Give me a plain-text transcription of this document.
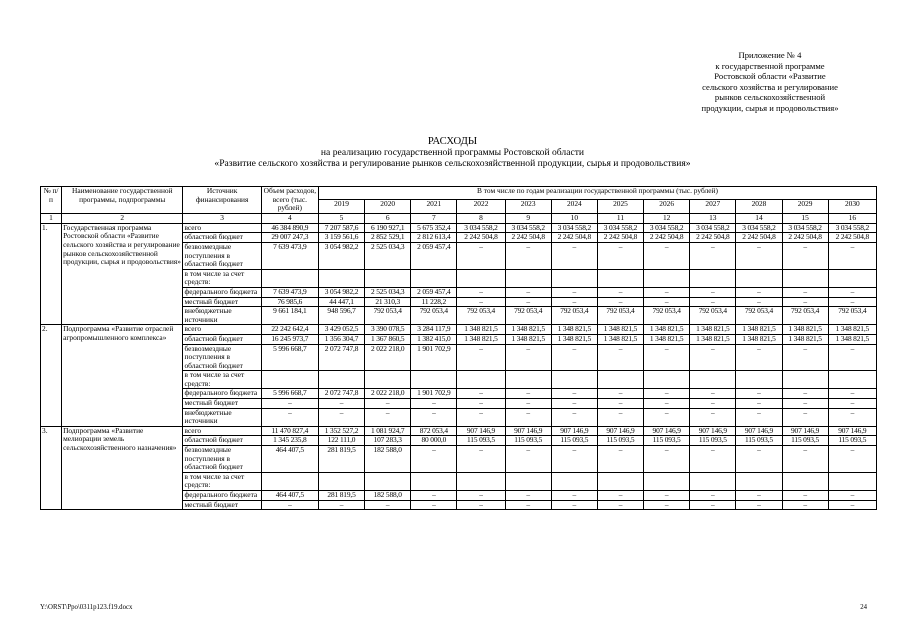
Приложение № 4
к государственной программе
Ростовской области «Развитие
сельского хозяйства и регулирование
рынков сельскохозяйственной
продукции, сырья и продовольствия»
РАСХОДЫ
на реализацию государственной программы Ростовской области
«Развитие сельского хозяйства и регулирование рынков сельскохозяйственной продукции, сырья и продовольствия»
№ п/п	Наименование государственной программы, подпрограммы	Источник финансирования	Объем расходов, всего (тыс. рублей)	В том числе по годам реализации государственной программы (тыс. рублей)											
				2019	2020	2021	2022	2023	2024	2025	2026	2027	2028	2029	2030
1	2	3	4	5	6	7	8	9	10	11	12	13	14	15	16
1.	Государственная программа Ростовской области «Развитие сельского хозяйства и регулирование рынков сельскохозяйственной продукции, сырья и продовольствия»	всего	46 384 890,9	7 207 587,6	6 190 927,1	5 675 352,4	3 034 558,2	3 034 558,2	3 034 558,2	3 034 558,2	3 034 558,2	3 034 558,2	3 034 558,2	3 034 558,2	3 034 558,2
		областной бюджет	29 007 247,3	3 159 561,6	2 852 529,1	2 812 613,4	2 242 504,8	2 242 504,8	2 242 504,8	2 242 504,8	2 242 504,8	2 242 504,8	2 242 504,8	2 242 504,8	2 242 504,8
		безвозмездные поступления в областной бюджет	7 639 473,9	3 054 982,2	2 525 034,3	2 059 457,4	–	–	–	–	–	–	–	–	–
		в том числе за счет средств:													
		федерального бюджета	7 639 473,9	3 054 982,2	2 525 034,3	2 059 457,4	–	–	–	–	–	–	–	–	–
		местный бюджет	76 985,6	44 447,1	21 310,3	11 228,2	–	–	–	–	–	–	–	–	–
		внебюджетные источники	9 661 184,1	948 596,7	792 053,4	792 053,4	792 053,4	792 053,4	792 053,4	792 053,4	792 053,4	792 053,4	792 053,4	792 053,4	792 053,4
2.	Подпрограмма «Развитие отраслей агропромышленного комплекса»	всего	22 242 642,4	3 429 052,5	3 390 078,5	3 284 117,9	1 348 821,5	1 348 821,5	1 348 821,5	1 348 821,5	1 348 821,5	1 348 821,5	1 348 821,5	1 348 821,5	1 348 821,5
		областной бюджет	16 245 973,7	1 356 304,7	1 367 860,5	1 382 415,0	1 348 821,5	1 348 821,5	1 348 821,5	1 348 821,5	1 348 821,5	1 348 821,5	1 348 821,5	1 348 821,5	1 348 821,5
		безвозмездные поступления в областной бюджет	5 996 668,7	2 072 747,8	2 022 218,0	1 901 702,9	–	–	–	–	–	–	–	–	–
		в том числе за счет средств:													
		федерального бюджета	5 996 668,7	2 072 747,8	2 022 218,0	1 901 702,9	–	–	–	–	–	–	–	–	–
		местный бюджет	–	–	–	–	–	–	–	–	–	–	–	–	–
		внебюджетные источники	–	–	–	–	–	–	–	–	–	–	–	–	–
3.	Подпрограмма «Развитие мелиорации земель сельскохозяйственного назначения»	всего	11 470 827,4	1 352 527,2	1 081 924,7	872 053,4	907 146,9	907 146,9	907 146,9	907 146,9	907 146,9	907 146,9	907 146,9	907 146,9	907 146,9
		областной бюджет	1 345 235,8	122 111,0	107 283,3	80 000,0	115 093,5	115 093,5	115 093,5	115 093,5	115 093,5	115 093,5	115 093,5	115 093,5	115 093,5
		безвозмездные поступления в областной бюджет	464 407,5	281 819,5	182 588,0	–	–	–	–	–	–	–	–	–	–
		в том числе за счет средств:													
		федерального бюджета	464 407,5	281 819,5	182 588,0	–	–	–	–	–	–	–	–	–	–
		местный бюджет	–	–	–	–	–	–	–	–	–	–	–	–	–
Y:\ORST\Ppo\0311p123.f19.docx	24
